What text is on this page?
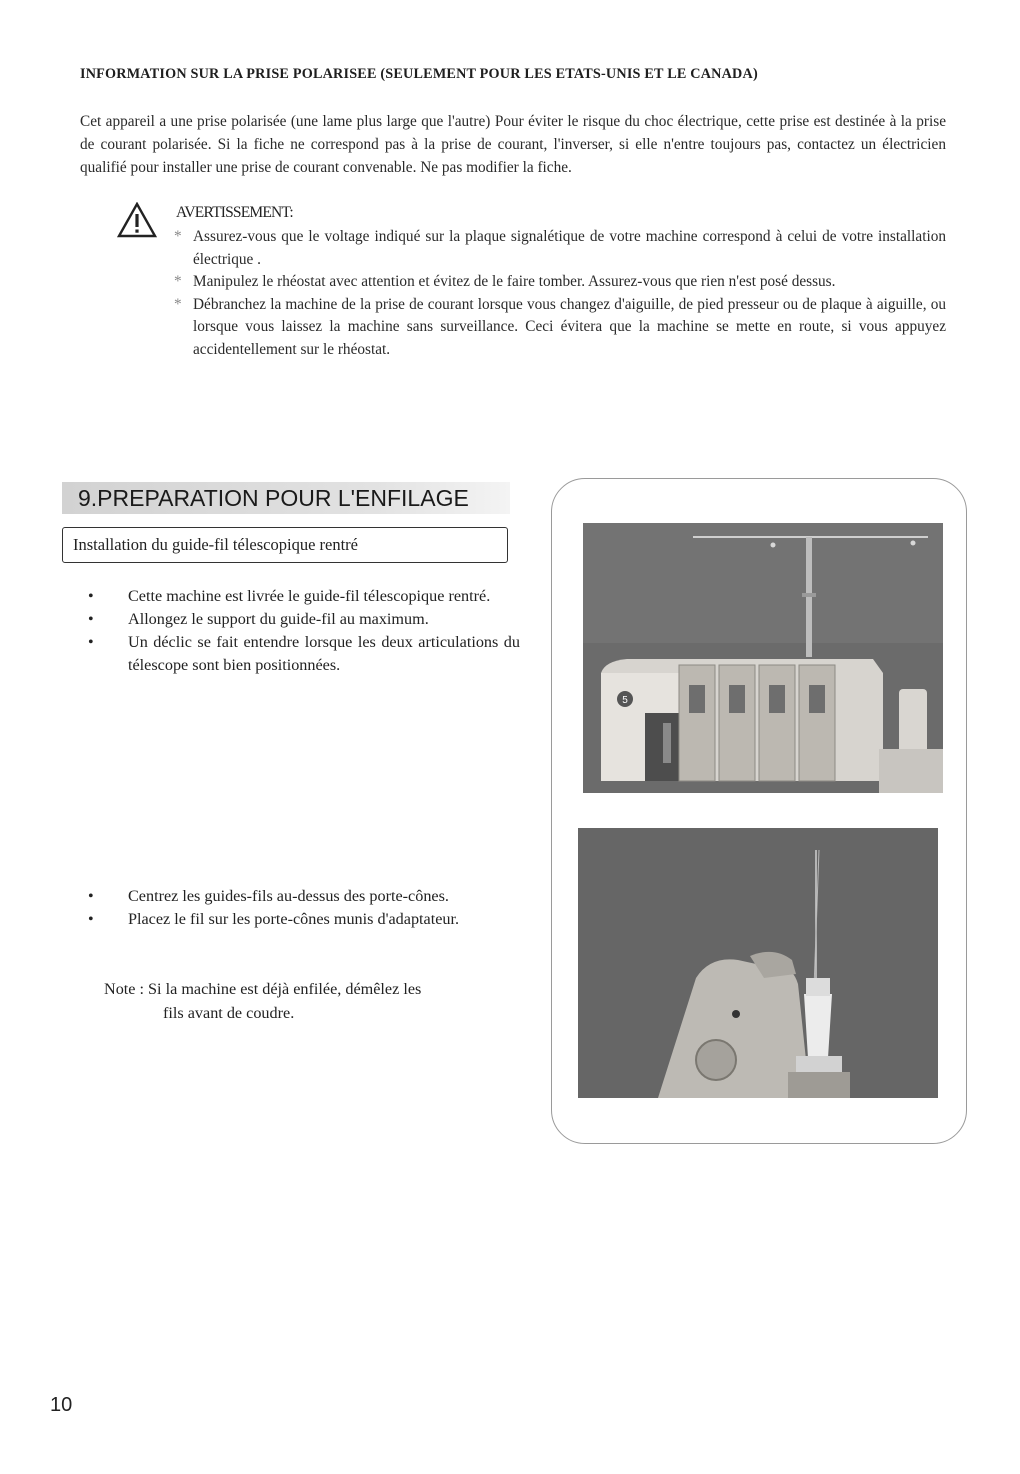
INFORMATION SUR LA PRISE POLARISEE (SEULEMENT POUR LES ETATS-UNIS ET LE CANADA)
Cet appareil a une prise polarisée (une lame plus large que l'autre) Pour éviter le risque du choc électrique, cette prise est destinée à la prise de courant polarisée. Si la fiche ne correspond pas à la prise de courant, l'inverser, si elle n'entre toujours pas, contactez un électricien qualifié pour installer une prise de courant convenable. Ne pas modifier la fiche.
AVERTISSEMENT:
* Assurez-vous que le voltage indiqué sur la plaque signalétique de votre machine correspond à celui de votre installation électrique .
* Manipulez le rhéostat avec attention et évitez de le faire tomber. Assurez-vous que rien n'est posé dessus.
* Débranchez la machine de la prise de courant lorsque vous changez d'aiguille, de pied presseur ou de plaque à aiguille, ou lorsque vous laissez la machine sans surveillance. Ceci évitera que la machine se mette en route, si vous appuyez accidentellement sur le rhéostat.
9.PREPARATION POUR L'ENFILAGE
Installation du guide-fil télescopique rentré
• Cette machine est livrée le guide-fil télescopique rentré.
• Allongez le support du guide-fil au maximum.
• Un déclic se fait entendre lorsque les deux articulations du télescope sont bien positionnées.
• Centrez les guides-fils au-dessus des porte-cônes.
• Placez le fil sur les porte-cônes munis d'adaptateur.
Note : Si la machine est déjà enfilée, démêlez les
fils avant de coudre.
5
10
